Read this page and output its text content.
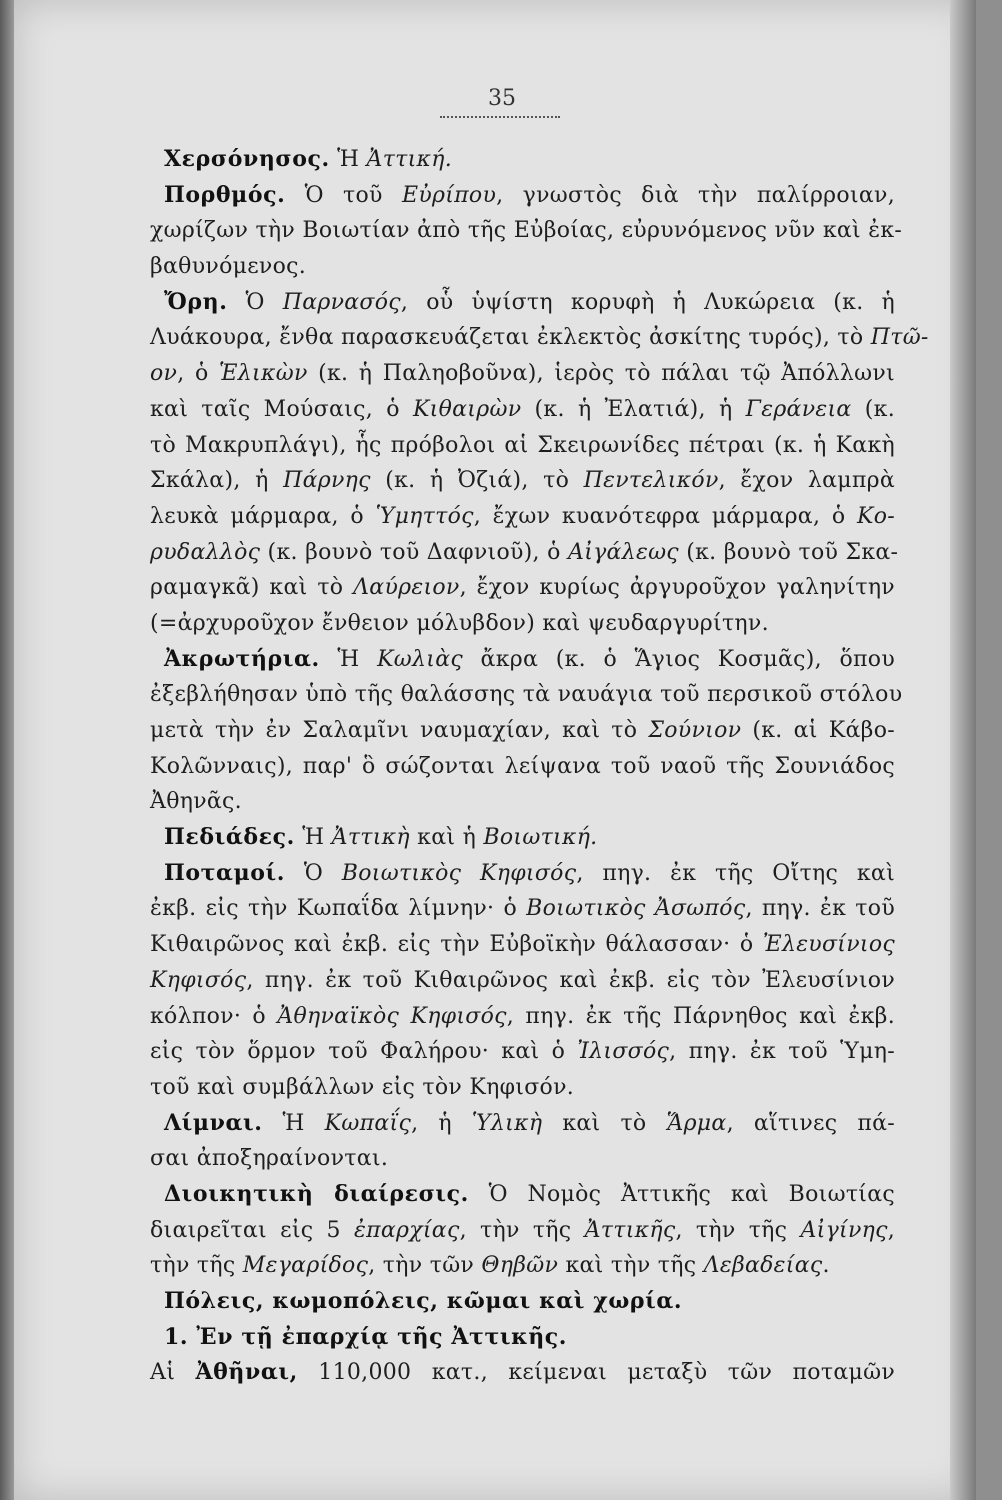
35
Χερσόνησος. Ἡ Ἀττική.
Πορθμός. Ὁ τοῦ Εὐρίπου, γνωστὸς διὰ τὴν παλίρροιαν,
χωρίζων τὴν Βοιωτίαν ἀπὸ τῆς Εὐβοίας, εὐρυνόμενος νῦν καὶ ἐκ-
βαθυνόμενος.
Ὄρη. Ὁ Παρνασός, οὗ ὑψίστη κορυφὴ ἡ Λυκώρεια (κ. ἡ
Λυάκουρα, ἔνθα παρασκευάζεται ἐκλεκτὸς ἀσκίτης τυρός), τὸ Πτῶ-
ον, ὁ Ἑλικὼν (κ. ἡ Παληοβοῦνα), ἱερὸς τὸ πάλαι τῷ Ἀπόλλωνι
καὶ ταῖς Μούσαις, ὁ Κιθαιρὼν (κ. ἡ Ἐλατιά), ἡ Γεράνεια (κ.
τὸ Μακρυπλάγι), ἧς πρόβολοι αἱ Σκειρωνίδες πέτραι (κ. ἡ Κακὴ
Σκάλα), ἡ Πάρνης (κ. ἡ Ὀζιά), τὸ Πεντελικόν, ἔχον λαμπρὰ
λευκὰ μάρμαρα, ὁ Ὑμηττός, ἔχων κυανότεφρα μάρμαρα, ὁ Κο-
ρυδαλλὸς (κ. βουνὸ τοῦ Δαφνιοῦ), ὁ Αἰγάλεως (κ. βουνὸ τοῦ Σκα-
ραμαγκᾶ) καὶ τὸ Λαύρειον, ἔχον κυρίως ἀργυροῦχον γαληνίτην
(=ἀρχυροῦχον ἔνθειον μόλυβδον) καὶ ψευδαργυρίτην.
Ἀκρωτήρια. Ἡ Κωλιὰς ἄκρα (κ. ὁ Ἅγιος Κοσμᾶς), ὅπου
ἐξεβλήθησαν ὑπὸ τῆς θαλάσσης τὰ ναυάγια τοῦ περσικοῦ στόλου
μετὰ τὴν ἐν Σαλαμῖνι ναυμαχίαν, καὶ τὸ Σούνιον (κ. αἱ Κάβο-
Κολῶνναις), παρ' ὃ σώζονται λείψανα τοῦ ναοῦ τῆς Σουνιάδος
Ἀθηνᾶς.
Πεδιάδες. Ἡ Ἀττικὴ καὶ ἡ Βοιωτική.
Ποταμοί. Ὁ Βοιωτικὸς Κηφισός, πηγ. ἐκ τῆς Οἴτης καὶ
ἐκβ. εἰς τὴν Κωπαΐδα λίμνην· ὁ Βοιωτικὸς Ἀσωπός, πηγ. ἐκ τοῦ
Κιθαιρῶνος καὶ ἐκβ. εἰς τὴν Εὐβοϊκὴν θάλασσαν· ὁ Ἐλευσίνιος
Κηφισός, πηγ. ἐκ τοῦ Κιθαιρῶνος καὶ ἐκβ. εἰς τὸν Ἐλευσίνιον
κόλπον· ὁ Ἀθηναϊκὸς Κηφισός, πηγ. ἐκ τῆς Πάρνηθος καὶ ἐκβ.
εἰς τὸν ὅρμον τοῦ Φαλήρου· καὶ ὁ Ἰλισσός, πηγ. ἐκ τοῦ Ὑμη-
τοῦ καὶ συμβάλλων εἰς τὸν Κηφισόν.
Λίμναι. Ἡ Κωπαΐς, ἡ Ὑλικὴ καὶ τὸ Ἅρμα, αἵτινες πά-
σαι ἀποξηραίνονται.
Διοικητικὴ διαίρεσις. Ὁ Νομὸς Ἀττικῆς καὶ Βοιωτίας
διαιρεῖται εἰς 5 ἐπαρχίας, τὴν τῆς Ἀττικῆς, τὴν τῆς Αἰγίνης,
τὴν τῆς Μεγαρίδος, τὴν τῶν Θηβῶν καὶ τὴν τῆς Λεβαδείας.
Πόλεις, κωμοπόλεις, κῶμαι καὶ χωρία.
1. Ἐν τῇ ἐπαρχίᾳ τῆς Ἀττικῆς.
Αἱ Ἀθῆναι, 110,000 κατ., κείμεναι μεταξὺ τῶν ποταμῶν
